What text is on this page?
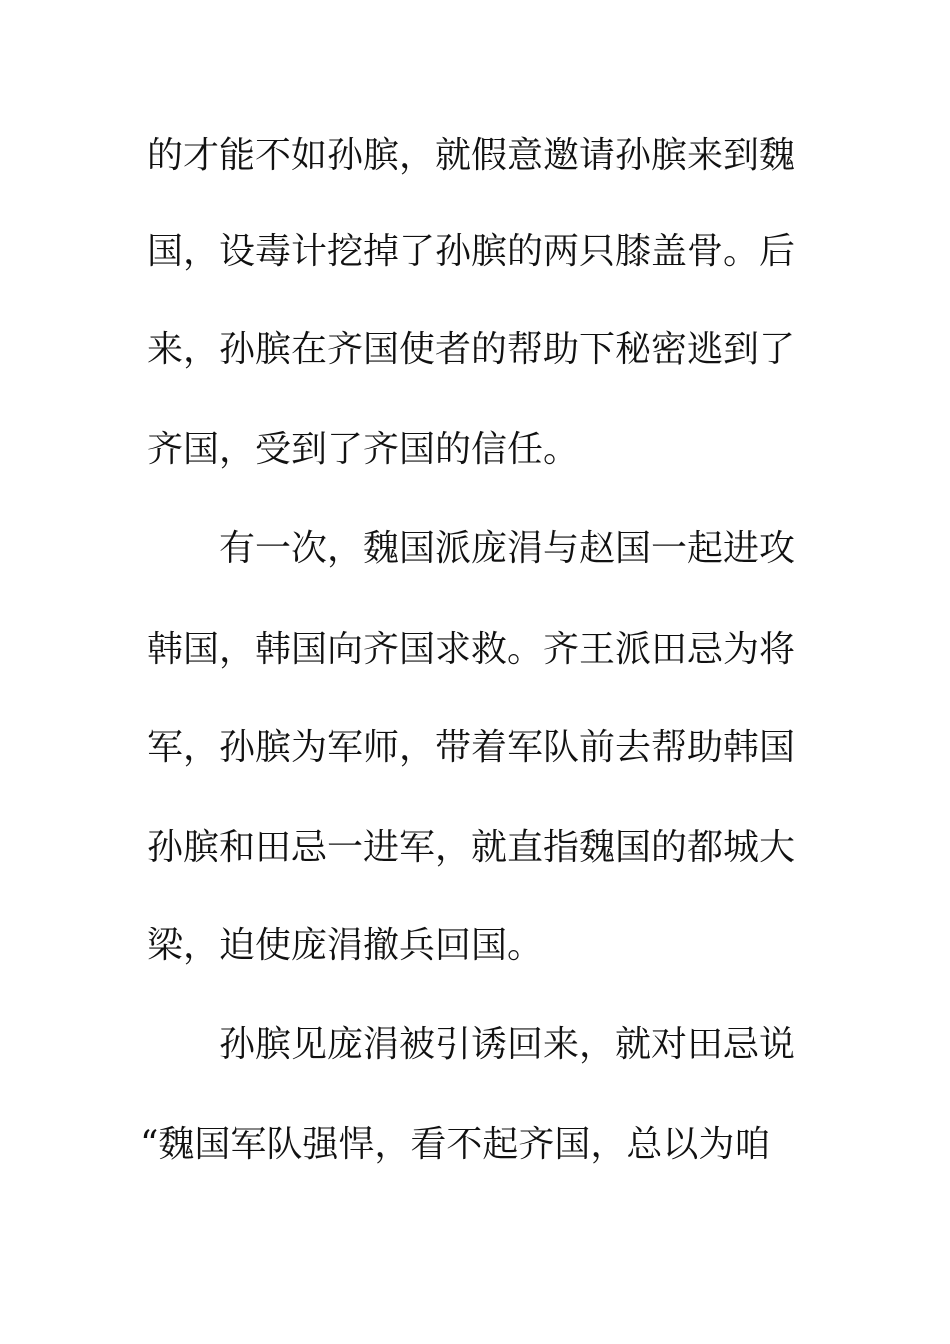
的才能不如孙膑，就假意邀请孙膑来到魏
国，设毒计挖掉了孙膑的两只膝盖骨。后
来，孙膑在齐国使者的帮助下秘密逃到了
齐国，受到了齐国的信任。
有一次，魏国派庞涓与赵国一起进攻
韩国，韩国向齐国求救。齐王派田忌为将
军，孙膑为军师，带着军队前去帮助韩国
孙膑和田忌一进军，就直指魏国的都城大
梁，迫使庞涓撤兵回国。
孙膑见庞涓被引诱回来，就对田忌说
“魏国军队强悍，看不起齐国，总以为咱
